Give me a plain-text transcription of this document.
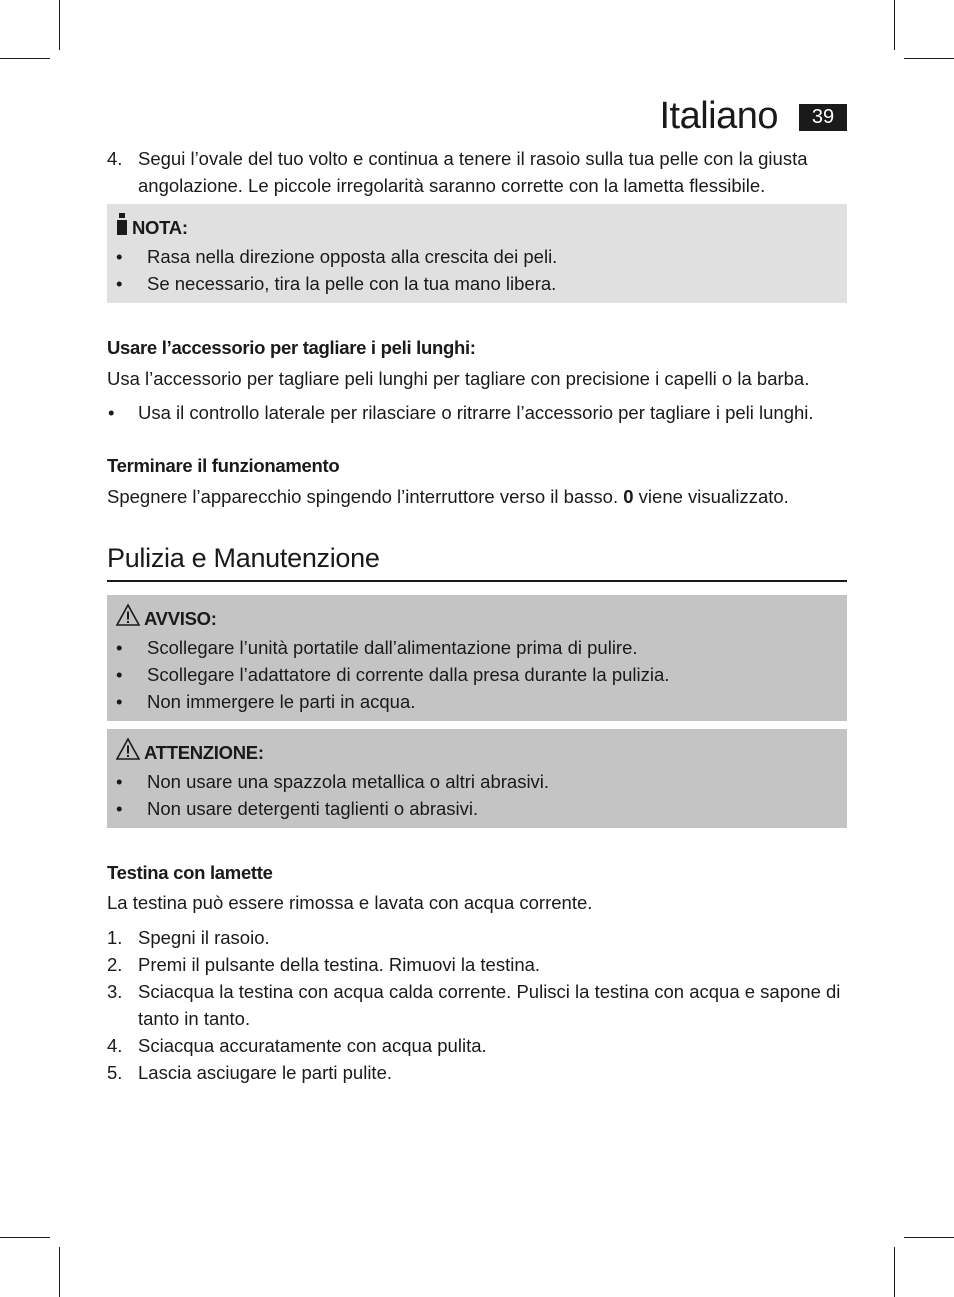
Italiano	39
4. Segui l’ovale del tuo volto e continua a tenere il rasoio sulla tua pelle con la giusta angolazione. Le piccole irregolarità saranno corrette con la lametta flessibile.
NOTA:
• Rasa nella direzione opposta alla crescita dei peli.
• Se necessario, tira la pelle con la tua mano libera.

Usare l’accessorio per tagliare i peli lunghi:

Usa l’accessorio per tagliare peli lunghi per tagliare con precisione i capelli o la barba.

• Usa il controllo laterale per rilasciare o ritrarre l’accessorio per tagliare i peli lunghi.

Terminare il funzionamento

Spegnere l’apparecchio spingendo l’interruttore verso il basso. 0 viene visualizzato.

Pulizia e Manutenzione
AVVISO:
• Scollegare l’unità portatile dall’alimentazione prima di pulire.
• Scollegare l’adattatore di corrente dalla presa durante la pulizia.
• Non immergere le parti in acqua.
ATTENZIONE:
• Non usare una spazzola metallica o altri abrasivi.
• Non usare detergenti taglienti o abrasivi.

Testina con lamette

La testina può essere rimossa e lavata con acqua corrente.

1. Spegni il rasoio.
2. Premi il pulsante della testina. Rimuovi la testina.
3. Sciacqua la testina con acqua calda corrente. Pulisci la testina con acqua e sapone di tanto in tanto.
4. Sciacqua accuratamente con acqua pulita.
5. Lascia asciugare le parti pulite.
